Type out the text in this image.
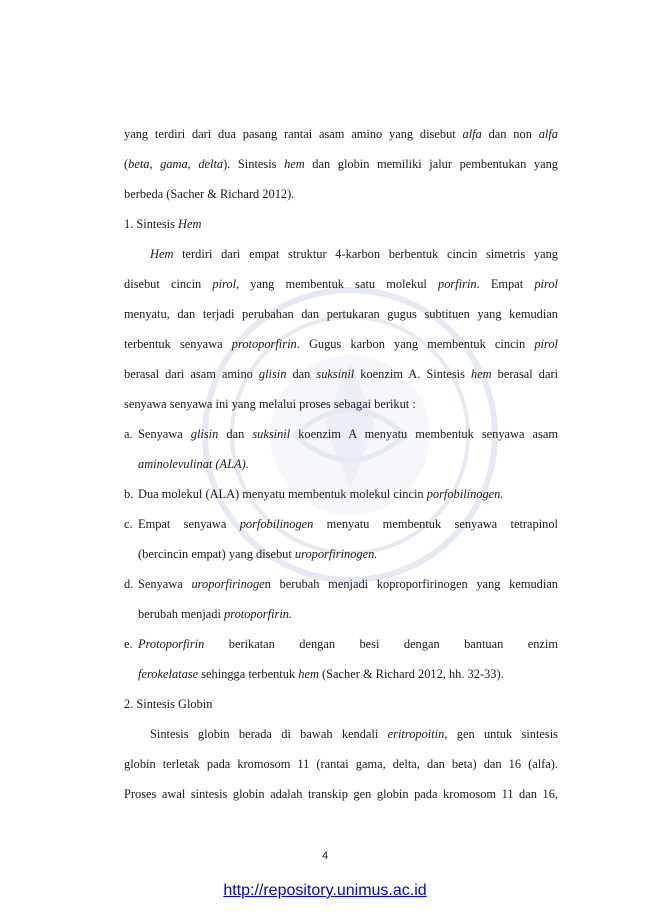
yang terdiri dari dua pasang rantai asam amino yang disebut alfa dan non alfa
(beta, gama, delta). Sintesis hem dan globin memiliki jalur pembentukan yang
berbeda (Sacher & Richard 2012).
1. Sintesis Hem
Hem terdiri dari empat struktur 4-karbon berbentuk cincin simetris yang
disebut cincin pirol, yang membentuk satu molekul porfirin. Empat pirol
menyatu, dan terjadi perubahan dan pertukaran gugus subtituen yang kemudian
terbentuk senyawa protoporfirin. Gugus karbon yang membentuk cincin pirol
berasal dari asam amino glisin dan suksinil koenzim A. Sintesis hem berasal dari
senyawa senyawa ini yang melalui proses sebagai berikut :
a. Senyawa glisin dan suksinil koenzim A menyatu membentuk senyawa asam
aminolevulinat (ALA).
b. Dua molekul (ALA) menyatu membentuk molekul cincin porfobilinogen.
c. Empat senyawa porfobilinogen menyatu membentuk senyawa tetrapinol
(bercincin empat) yang disebut uroporfirinogen.
d. Senyawa uroporfirinogen berubah menjadi koproporfirinogen yang kemudian
berubah menjadi protoporfirin.
e. Protoporfirin berikatan dengan besi dengan bantuan enzim
ferokelatase sehingga terbentuk hem (Sacher & Richard 2012, hh. 32-33).
2. Sintesis Globin
Sintesis globin berada di bawah kendali eritropoitin, gen untuk sintesis
globin terletak pada kromosom 11 (rantai gama, delta, dan beta) dan 16 (alfa).
Proses awal sintesis globin adalah transkip gen globin pada kromosom 11 dan 16,
4
http://repository.unimus.ac.id
